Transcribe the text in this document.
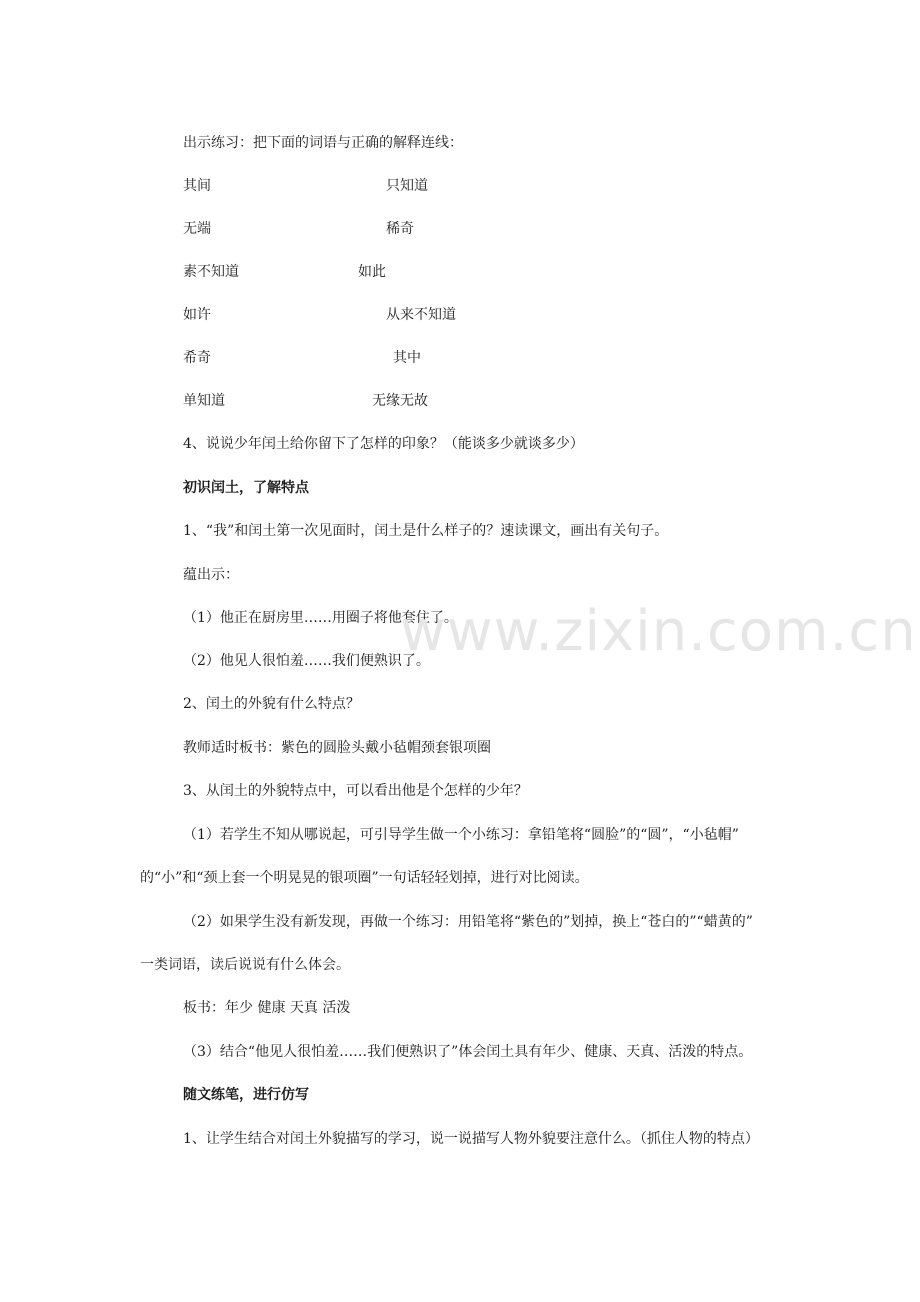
出示练习：把下面的词语与正确的解释连线：
其间	只知道
无端	稀奇
素不知道	如此
如许	从来不知道
希奇	其中
单知道	无缘无故
4、说说少年闰土给你留下了怎样的印象？（能谈多少就谈多少）
初识闰土，了解特点
1、“我”和闰土第一次见面时，闰土是什么样子的？速读课文，画出有关句子。
蕴出示：
（1）他正在厨房里……用圈子将他套住了。
（2）他见人很怕羞……我们便熟识了。
2、闰土的外貌有什么特点？
教师适时板书：紫色的圆脸头戴小毡帽颈套银项圈
3、从闰土的外貌特点中，可以看出他是个怎样的少年？
（1）若学生不知从哪说起，可引导学生做一个小练习：拿铅笔将“圆脸”的“圆”，“小毡帽”
的“小”和“颈上套一个明晃晃的银项圈”一句话轻轻划掉，进行对比阅读。
（2）如果学生没有新发现，再做一个练习：用铅笔将“紫色的”划掉，换上“苍白的”“蜡黄的”
一类词语，读后说说有什么体会。
板书：年少 健康 天真 活泼
（3）结合“他见人很怕羞……我们便熟识了”体会闰土具有年少、健康、天真、活泼的特点。
随文练笔，进行仿写
1、让学生结合对闰土外貌描写的学习，说一说描写人物外貌要注意什么。（抓住人物的特点）
www.zixin.com.cn
